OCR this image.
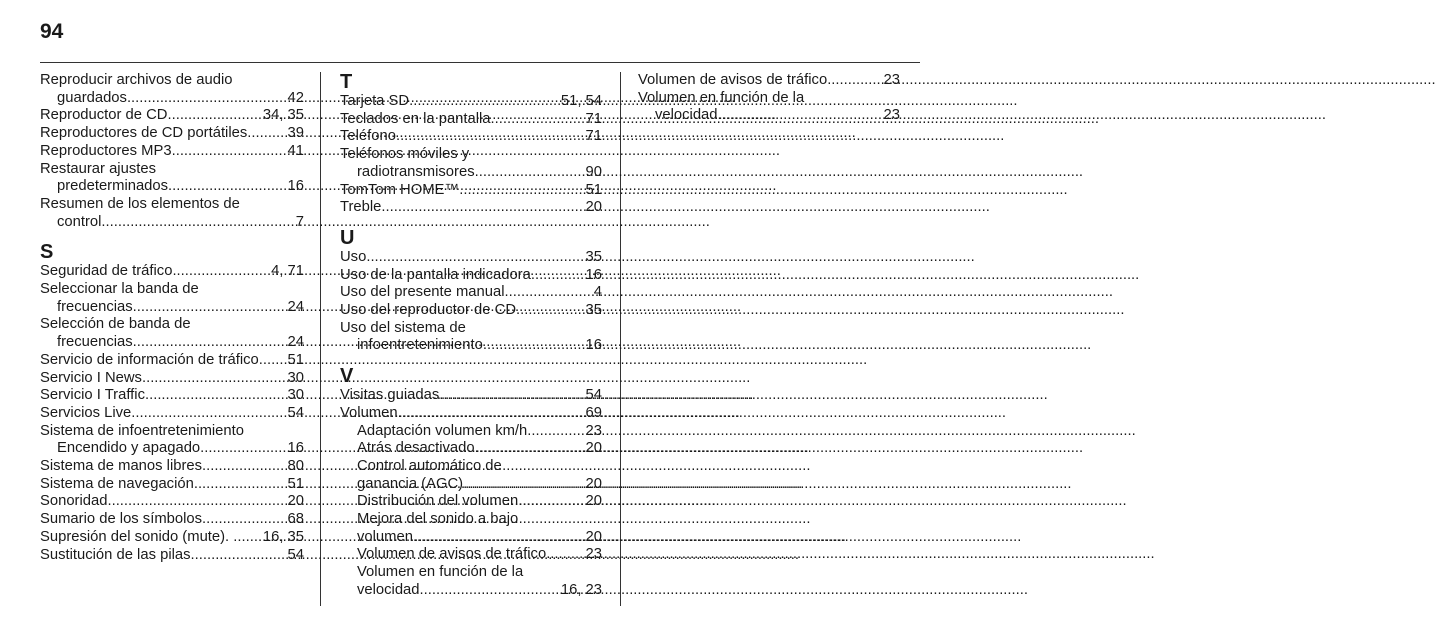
94
Reproducir archivos de audio
guardados .....	42
Reproductor de CD .....	34, 35
Reproductores de CD portátiles .....	39
Reproductores MP3 .....	41
Restaurar ajustes
predeterminados .....	16
Resumen de los elementos de
control .....	7
S
Seguridad de tráfico .....	4, 71
Seleccionar la banda de
frecuencias .....	24
Selección de banda de
frecuencias .....	24
Servicio de información de tráfico ..... 51
Servicio I News .....	30
Servicio I Traffic .....	30
Servicios Live .....	54
Sistema de infoentretenimiento
Encendido y apagado .....	16
Sistema de manos libres .....	80
Sistema de navegación .....	51
Sonoridad .....	20
Sumario de los símbolos .....	68
Supresión del sonido (mute). . ..... 16, 35
Sustitución de las pilas .....	54
T
Tarjeta SD .....	51, 54
Teclados en la pantalla .....	71
Teléfono .....	71
Teléfonos móviles y
radiotransmisores .....	90
TomTom HOME™ .....	51
Treble .....	20
U
Uso .....	35
Uso de la pantalla indicadora .....	16
Uso del presente manual .....	4
Uso del reproductor de CD .....	35
Uso del sistema de
infoentretenimiento .....	16
V
Visitas guiadas .....	54
Volumen .....	69
Adaptación volumen km/h .....	23
Atrás desactivado .....	20
Control automático de
ganancia (AGC) .....	20
Distribución del volumen .....	20
Mejora del sonido a bajo
volumen .....	20
Volumen de avisos de tráfico .....	23
Volumen en función de la
velocidad .....	16, 23
Volumen de avisos de tráfico .....	23
Volumen en función de la
velocidad .....	23
